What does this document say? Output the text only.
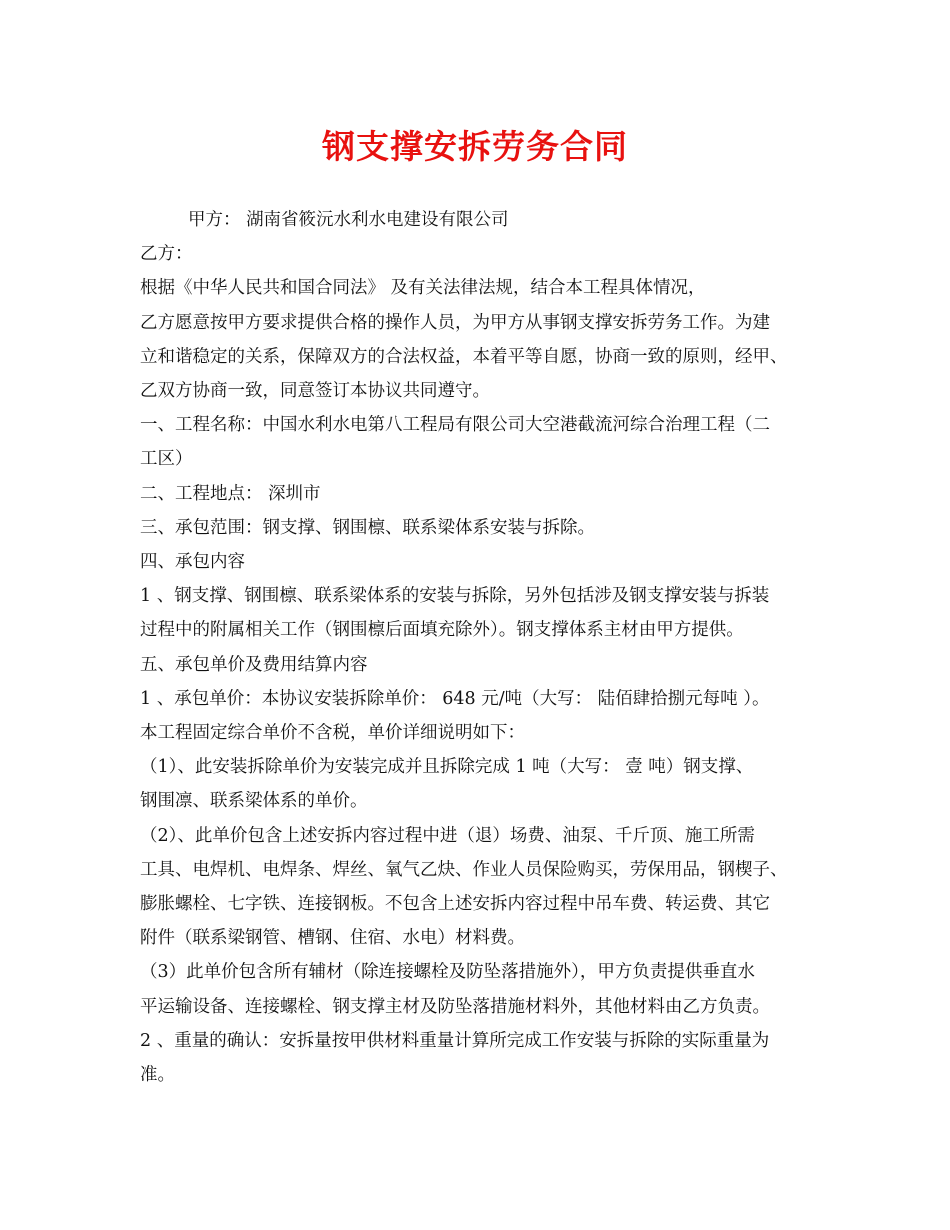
钢支撑安拆劳务合同
甲方： 湖南省筱沅水利水电建设有限公司
乙方：
根据《中华人民共和国合同法》 及有关法律法规，结合本工程具体情况，
乙方愿意按甲方要求提供合格的操作人员，为甲方从事钢支撑安拆劳务工作。为建
立和谐稳定的关系，保障双方的合法权益，本着平等自愿，协商一致的原则，经甲、
乙双方协商一致，同意签订本协议共同遵守。
一、工程名称：中国水利水电第八工程局有限公司大空港截流河综合治理工程（二
工区）
二、工程地点： 深圳市
三、承包范围：钢支撑、钢围檩、联系梁体系安装与拆除。
四、承包内容
1 、钢支撑、钢围檩、联系梁体系的安装与拆除，另外包括涉及钢支撑安装与拆装
过程中的附属相关工作（钢围檩后面填充除外）。钢支撑体系主材由甲方提供。
五、承包单价及费用结算内容
1 、承包单价：本协议安装拆除单价： 648 元/吨（大写： 陆佰肆拾捌元每吨 ）。
本工程固定综合单价不含税，单价详细说明如下：
（1）、此安装拆除单价为安装完成并且拆除完成 1 吨（大写： 壹 吨）钢支撑、
钢围凛、联系梁体系的单价。
（2）、此单价包含上述安拆内容过程中进（退）场费、油泵、千斤顶、施工所需
工具、电焊机、电焊条、焊丝、氧气乙炔、作业人员保险购买，劳保用品，钢楔子、
膨胀螺栓、七字铁、连接钢板。不包含上述安拆内容过程中吊车费、转运费、其它
附件（联系梁钢管、槽钢、住宿、水电）材料费。
（3）此单价包含所有辅材（除连接螺栓及防坠落措施外），甲方负责提供垂直水
平运输设备、连接螺栓、钢支撑主材及防坠落措施材料外，其他材料由乙方负责。
2 、重量的确认：安拆量按甲供材料重量计算所完成工作安装与拆除的实际重量为
准。
